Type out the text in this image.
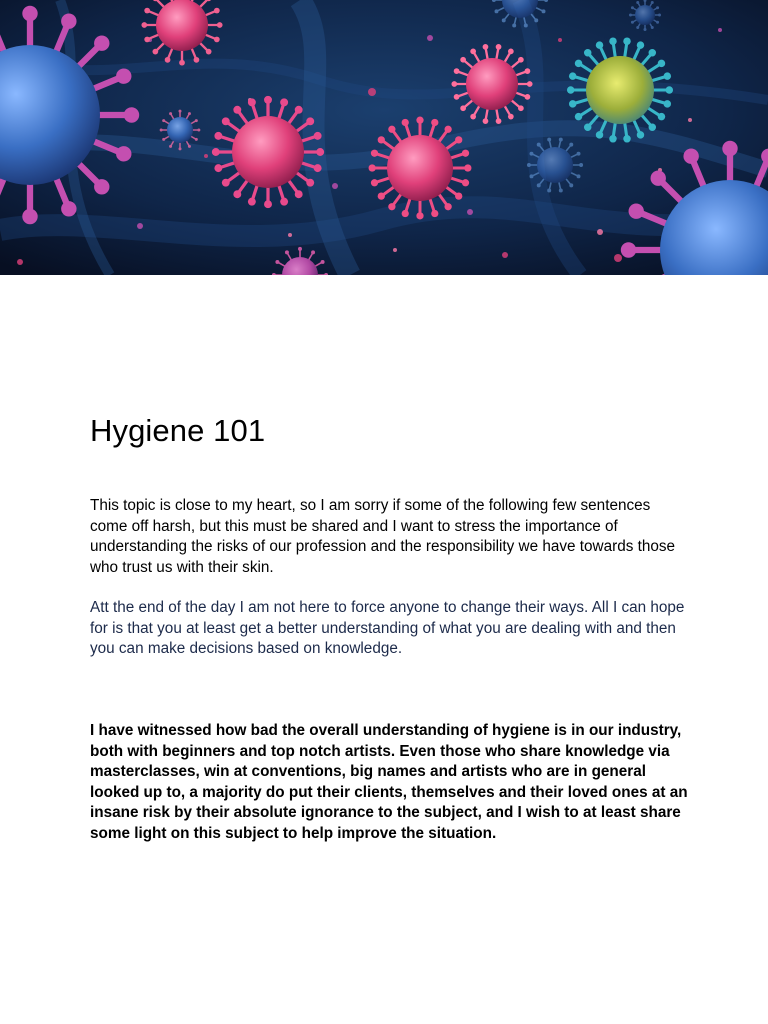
Hygiene 101

This topic is close to my heart, so I am sorry if some of the following few sentences come off harsh, but this must be shared and I want to stress the importance of understanding the risks of our profession and the responsibility we have towards those who trust us with their skin.

Att the end of the day I am not here to force anyone to change their ways. All I can hope for is that you at least get a better understanding of what you are dealing with and then you can make decisions based on knowledge.

I have witnessed how bad the overall understanding of hygiene is in our industry, both with beginners and top notch artists. Even those who share knowledge via masterclasses, win at conventions, big names and artists who are in general looked up to, a majority do put their clients, themselves and their loved ones at an insane risk by their absolute ignorance to the subject, and I wish to at least share some light on this subject to help improve the situation.
